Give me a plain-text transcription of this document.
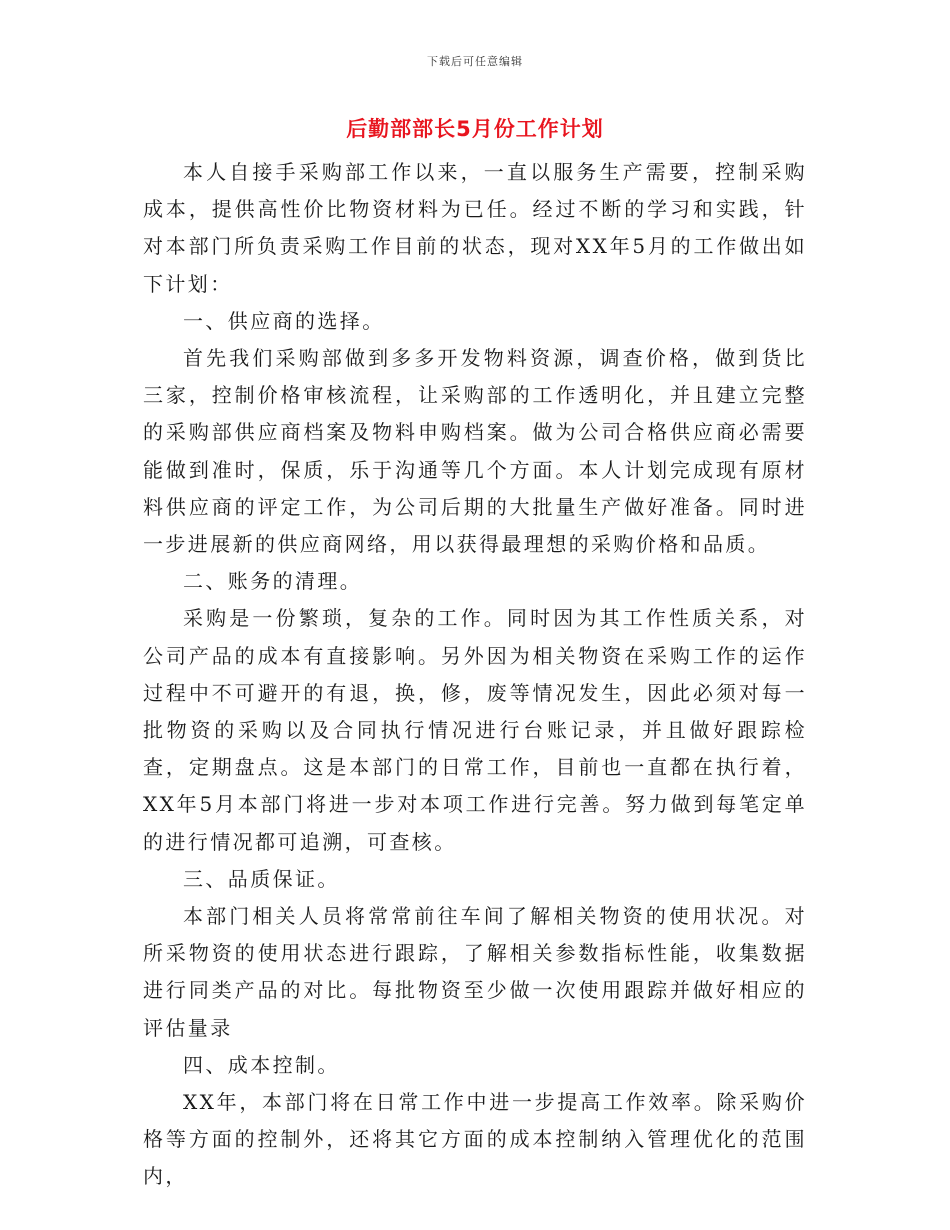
下载后可任意编辑
后勤部部长5月份工作计划

本人自接手采购部工作以来，一直以服务生产需要，控制采购成本，提供高性价比物资材料为已任。经过不断的学习和实践，针对本部门所负责采购工作目前的状态，现对XX年5月的工作做出如下计划：

一、供应商的选择。

首先我们采购部做到多多开发物料资源，调查价格，做到货比三家，控制价格审核流程，让采购部的工作透明化，并且建立完整的采购部供应商档案及物料申购档案。做为公司合格供应商必需要能做到准时，保质，乐于沟通等几个方面。本人计划完成现有原材料供应商的评定工作，为公司后期的大批量生产做好准备。同时进一步进展新的供应商网络，用以获得最理想的采购价格和品质。

二、账务的清理。

采购是一份繁琐，复杂的工作。同时因为其工作性质关系，对公司产品的成本有直接影响。另外因为相关物资在采购工作的运作过程中不可避开的有退，换，修，废等情况发生，因此必须对每一批物资的采购以及合同执行情况进行台账记录，并且做好跟踪检查，定期盘点。这是本部门的日常工作，目前也一直都在执行着，XX年5月本部门将进一步对本项工作进行完善。努力做到每笔定单的进行情况都可追溯，可查核。

三、品质保证。

本部门相关人员将常常前往车间了解相关物资的使用状况。对所采物资的使用状态进行跟踪，了解相关参数指标性能，收集数据进行同类产品的对比。每批物资至少做一次使用跟踪并做好相应的评估量录

四、成本控制。

XX年，本部门将在日常工作中进一步提高工作效率。除采购价格等方面的控制外，还将其它方面的成本控制纳入管理优化的范围内，
